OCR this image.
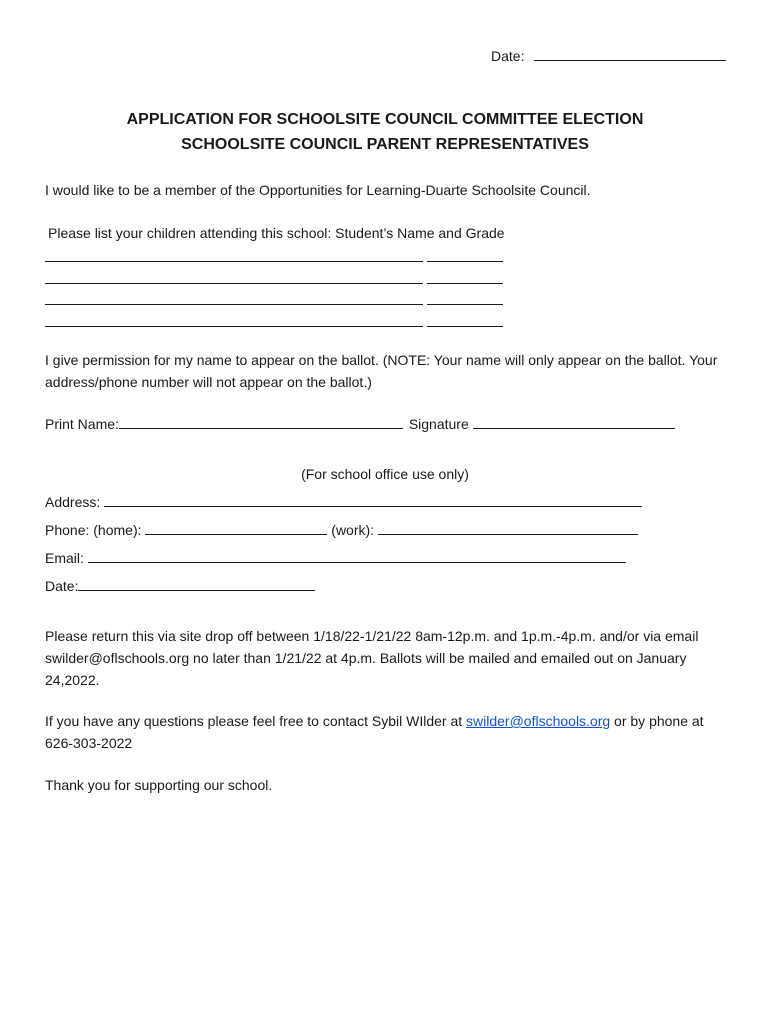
Date:
APPLICATION FOR SCHOOLSITE COUNCIL COMMITTEE ELECTION
SCHOOLSITE COUNCIL PARENT REPRESENTATIVES
I would like to be a member of the Opportunities for Learning-Duarte Schoolsite Council.
Please list your children attending this school: Student’s Name and Grade
I give permission for my name to appear on the ballot. (NOTE: Your name will only appear on the ballot. Your address/phone number will not appear on the ballot.)
Print Name:	Signature
(For school office use only)
Address:
Phone: (home):	(work):
Email:
Date:
Please return this via site drop off between 1/18/22-1/21/22 8am-12p.m. and 1p.m.-4p.m. and/or via email swilder@oflschools.org no later than 1/21/22 at 4p.m. Ballots will be mailed and emailed out on January 24,2022.
If you have any questions please feel free to contact Sybil WIlder at swilder@oflschools.org or by phone at 626-303-2022
Thank you for supporting our school.
